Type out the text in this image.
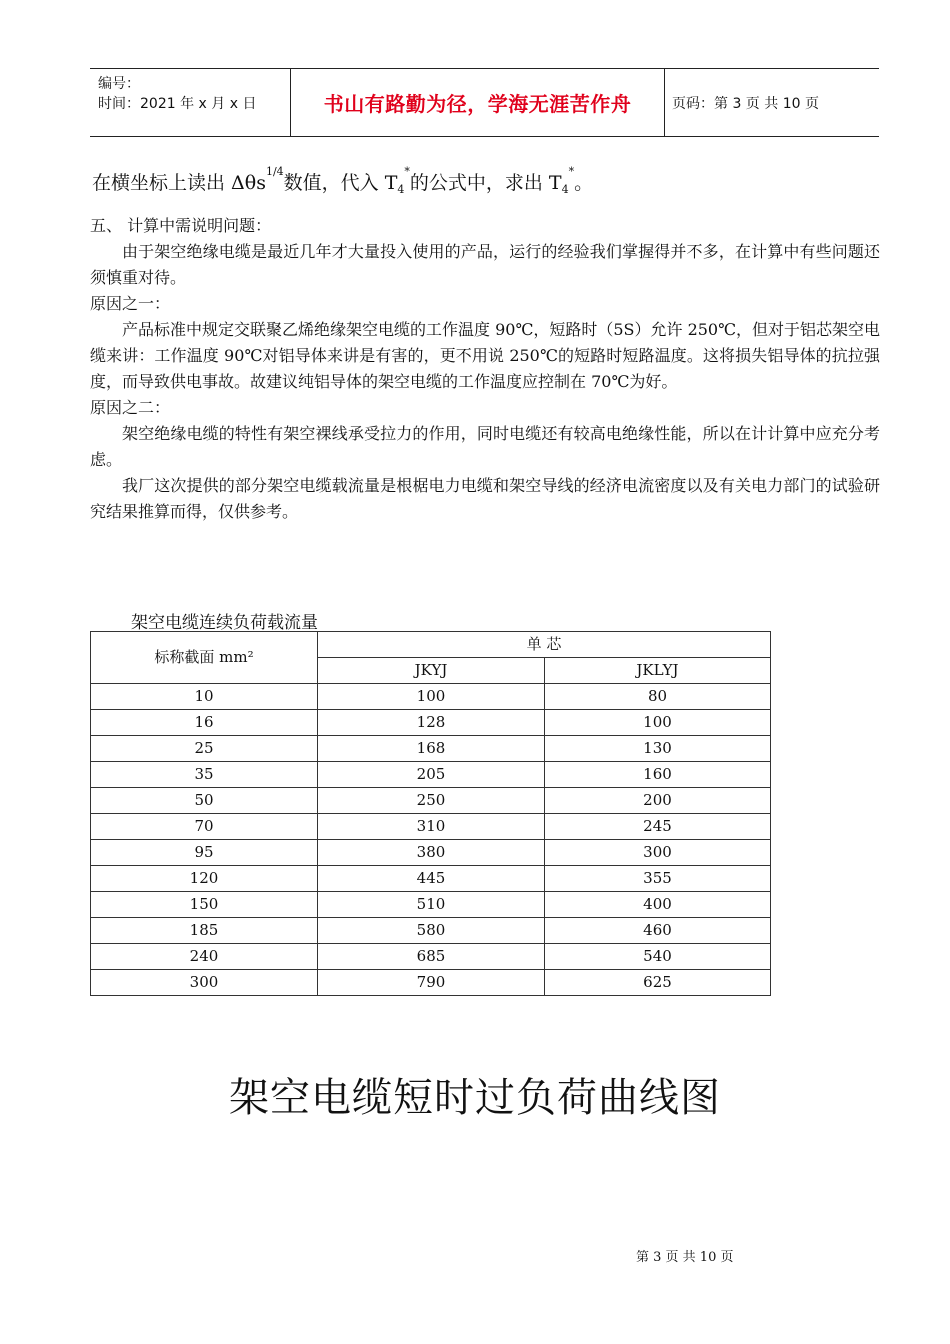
编号：
时间：2021 年 x 月 x 日	书山有路勤为径，学海无涯苦作舟	页码：第 3 页 共 10 页
在横坐标上读出 Δθs$^{1/4}$数值，代入 $T_4^*$的公式中，求出 $T_4^*$。
五、 计算中需说明问题：
由于架空绝缘电缆是最近几年才大量投入使用的产品，运行的经验我们掌握得并不多，在计算中有些问题还须慎重对待。
原因之一：
产品标准中规定交联聚乙烯绝缘架空电缆的工作温度 90℃，短路时（5S）允许 250℃，但对于铝芯架空电缆来讲：工作温度 90℃对铝导体来讲是有害的，更不用说 250℃的短路时短路温度。这将损失铝导体的抗拉强度，而导致供电事故。故建议纯铝导体的架空电缆的工作温度应控制在 70℃为好。
原因之二：
架空绝缘电缆的特性有架空裸线承受拉力的作用，同时电缆还有较高电绝缘性能，所以在计计算中应充分考虑。
我厂这次提供的部分架空电缆载流量是根椐电力电缆和架空导线的经济电流密度以及有关电力部门的试验研究结果推算而得，仅供参考。
架空电缆连续负荷载流量
标称截面 mm²	单 芯	
	JKYJ	JKLYJ
10	100	80
16	128	100
25	168	130
35	205	160
50	250	200
70	310	245
95	380	300
120	445	355
150	510	400
185	580	460
240	685	540
300	790	625
架空电缆短时过负荷曲线图
第 3 页 共 10 页
